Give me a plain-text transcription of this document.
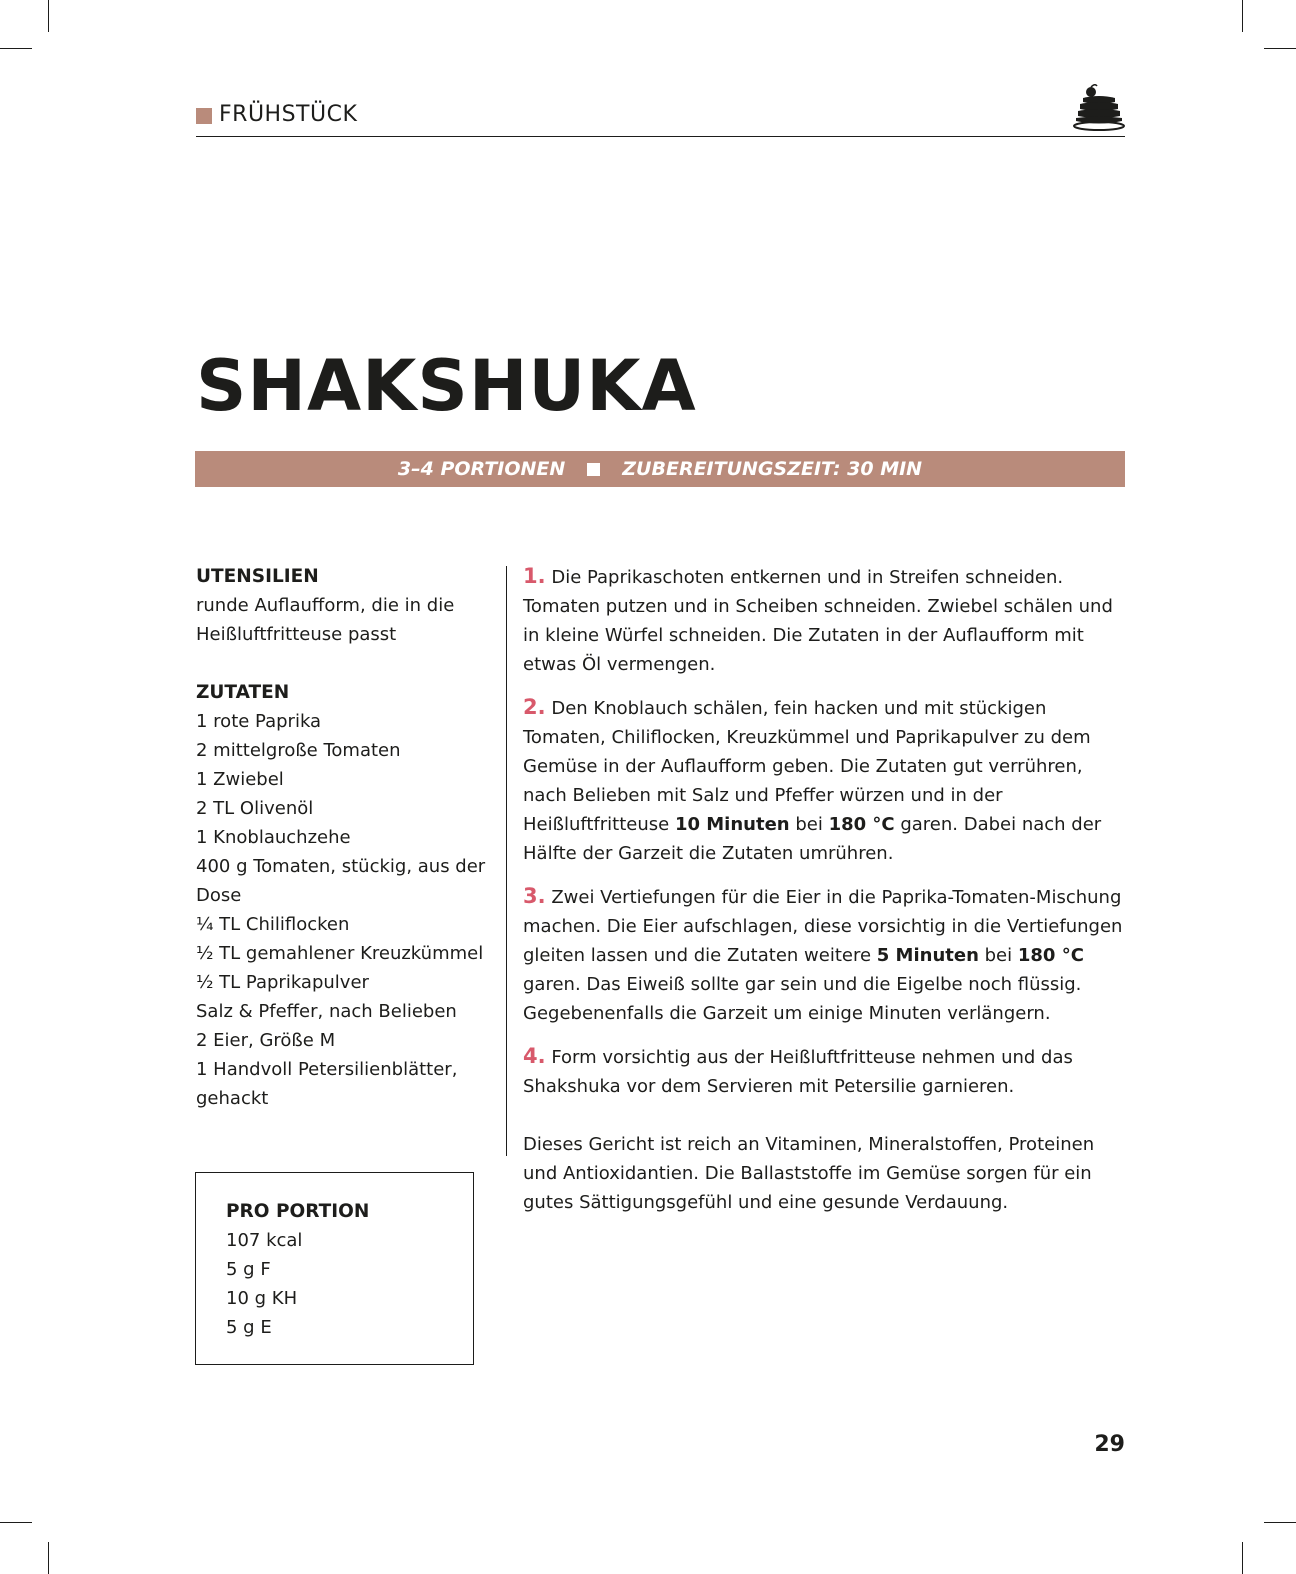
FRÜHSTÜCK
SHAKSHUKA
3–4 PORTIONEN	ZUBEREITUNGSZEIT: 30 MIN
UTENSILIEN

runde Auflaufform, die in die Heißluftfritteuse passt

ZUTATEN
1 rote Paprika
2 mittelgroße Tomaten
1 Zwiebel
2 TL Olivenöl
1 Knoblauchzehe
400 g Tomaten, stückig, aus der Dose
¼ TL Chiliflocken
½ TL gemahlener Kreuzkümmel
½ TL Paprikapulver
Salz & Pfeffer, nach Belieben
2 Eier, Größe M
1 Handvoll Petersilienblätter, gehackt

1. Die Paprikaschoten entkernen und in Streifen schneiden. Tomaten putzen und in Scheiben schneiden. Zwiebel schälen und in kleine Würfel schneiden. Die Zutaten in der Auflaufform mit etwas Öl vermengen.

2. Den Knoblauch schälen, fein hacken und mit stückigen Tomaten, Chiliflocken, Kreuzkümmel und Paprikapulver zu dem Gemüse in der Auflaufform geben. Die Zutaten gut verrühren, nach Belieben mit Salz und Pfeffer würzen und in der Heißluftfritteuse 10 Minuten bei 180 °C garen. Dabei nach der Hälfte der Garzeit die Zutaten umrühren.

3. Zwei Vertiefungen für die Eier in die Paprika-Tomaten-Mischung machen. Die Eier aufschlagen, diese vorsichtig in die Vertiefungen gleiten lassen und die Zutaten weitere 5 Minuten bei 180 °C garen. Das Eiweiß sollte gar sein und die Eigelbe noch flüssig. Gegebenenfalls die Garzeit um einige Minuten verlängern.

4. Form vorsichtig aus der Heißluftfritteuse nehmen und das Shakshuka vor dem Servieren mit Petersilie garnieren.

Dieses Gericht ist reich an Vitaminen, Mineralstoffen, Proteinen und Antioxidantien. Die Ballaststoffe im Gemüse sorgen für ein gutes Sättigungsgefühl und eine gesunde Verdauung.

PRO PORTION
107 kcal
5 g F
10 g KH
5 g E
29
